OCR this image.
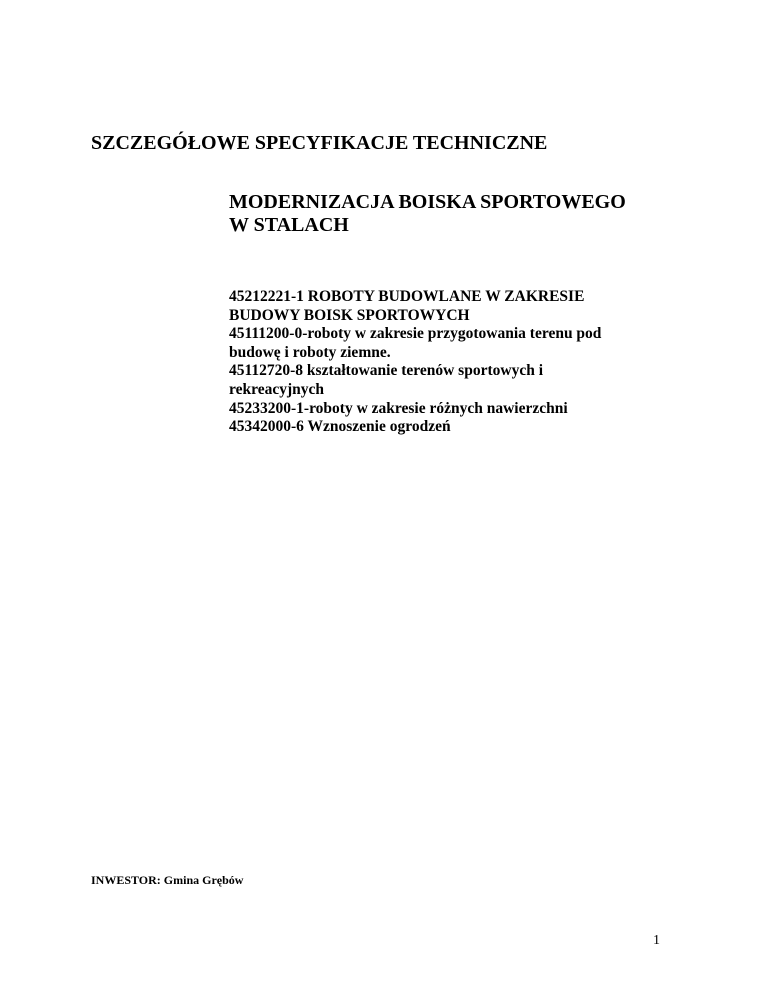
SZCZEGÓŁOWE SPECYFIKACJE TECHNICZNE
MODERNIZACJA BOISKA SPORTOWEGO
W STALACH
45212221-1 ROBOTY BUDOWLANE W ZAKRESIE
BUDOWY BOISK SPORTOWYCH
45111200-0-roboty w zakresie przygotowania terenu pod
budowę i roboty ziemne.
45112720-8 kształtowanie terenów sportowych i
rekreacyjnych
45233200-1-roboty w zakresie różnych nawierzchni
45342000-6 Wznoszenie ogrodzeń

INWESTOR: Gmina Grębów

1
